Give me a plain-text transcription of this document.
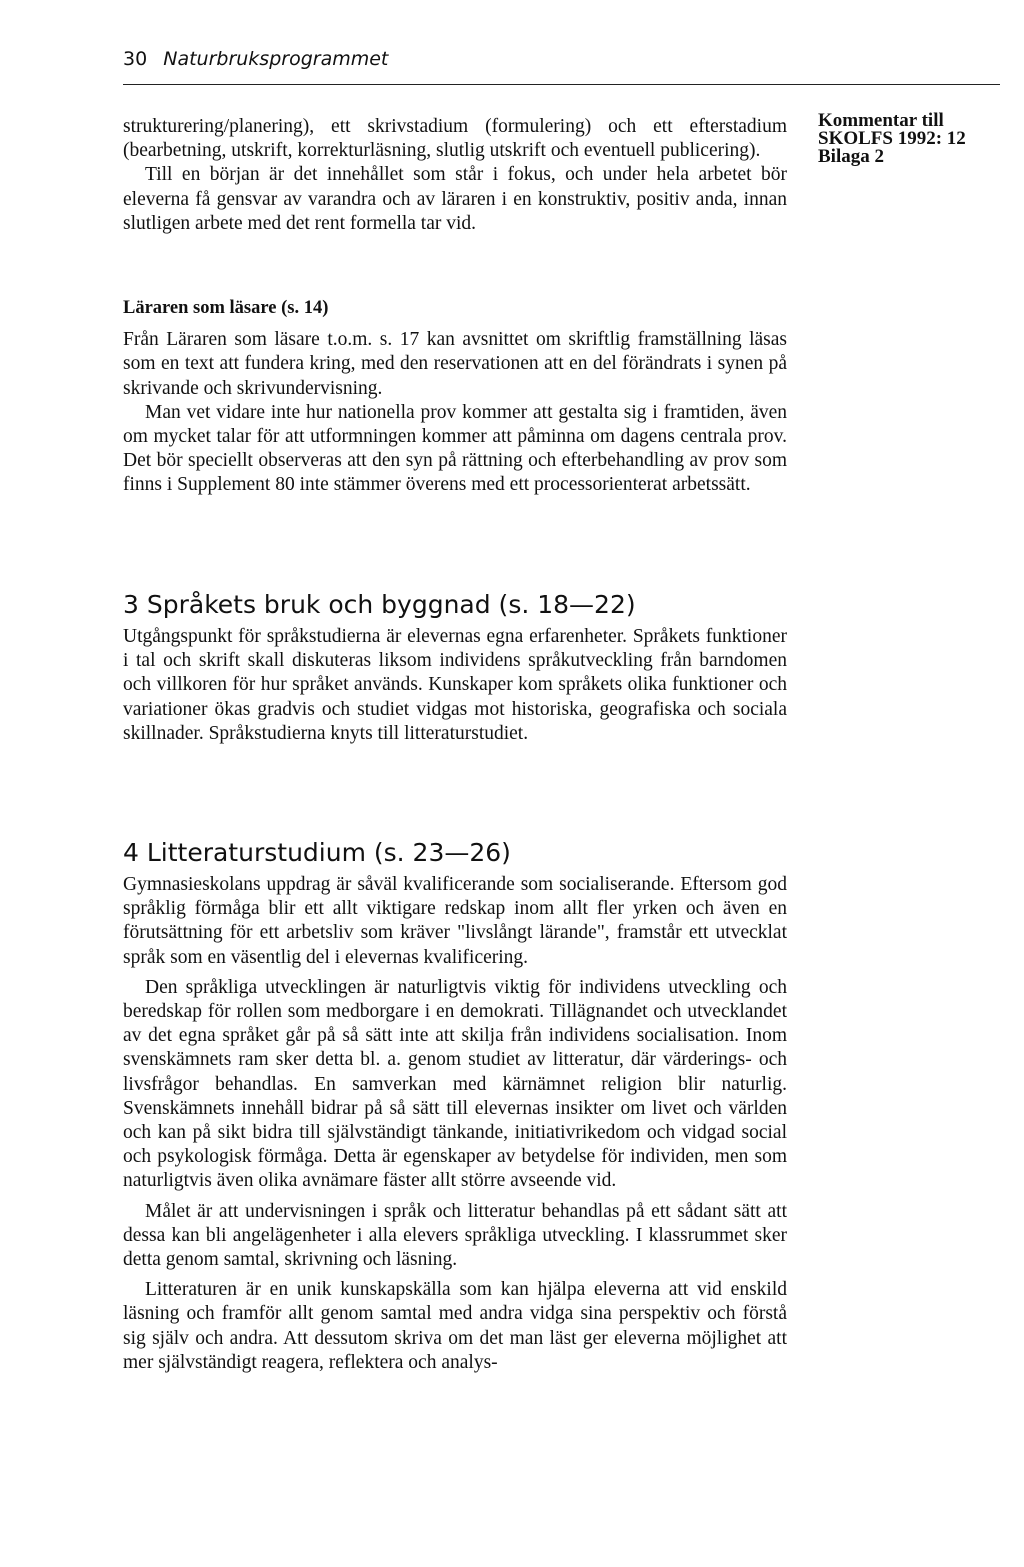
30 Naturbruksprogrammet
Kommentar till
SKOLFS 1992: 12
Bilaga 2

strukturering/planering), ett skrivstadium (formulering) och ett efterstadium (bearbetning, utskrift, korrekturläsning, slutlig utskrift och eventuell publicering).

Till en början är det innehållet som står i fokus, och under hela arbetet bör eleverna få gensvar av varandra och av läraren i en konstruktiv, positiv anda, innan slutligen arbete med det rent formella tar vid.

Läraren som läsare (s. 14)

Från Läraren som läsare t.o.m. s. 17 kan avsnittet om skriftlig framställning läsas som en text att fundera kring, med den reservationen att en del förändrats i synen på skrivande och skrivundervisning.

Man vet vidare inte hur nationella prov kommer att gestalta sig i framtiden, även om mycket talar för att utformningen kommer att påminna om dagens centrala prov. Det bör speciellt observeras att den syn på rättning och efterbehandling av prov som finns i Supplement 80 inte stämmer överens med ett processorienterat arbetssätt.

3 Språkets bruk och byggnad (s. 18—22)

Utgångspunkt för språkstudierna är elevernas egna erfarenheter. Språkets funktioner i tal och skrift skall diskuteras liksom individens språkutveckling från barndomen och villkoren för hur språket används. Kunskaper kom språkets olika funktioner och variationer ökas gradvis och studiet vidgas mot historiska, geografiska och sociala skillnader. Språkstudierna knyts till litteraturstudiet.

4 Litteraturstudium (s. 23—26)

Gymnasieskolans uppdrag är såväl kvalificerande som socialiserande. Eftersom god språklig förmåga blir ett allt viktigare redskap inom allt fler yrken och även en förutsättning för ett arbetsliv som kräver "livslångt lärande", framstår ett utvecklat språk som en väsentlig del i elevernas kvalificering.

Den språkliga utvecklingen är naturligtvis viktig för individens utveckling och beredskap för rollen som medborgare i en demokrati. Tillägnandet och utvecklandet av det egna språket går på så sätt inte att skilja från individens socialisation. Inom svenskämnets ram sker detta bl. a. genom studiet av litteratur, där värderings- och livsfrågor behandlas. En samverkan med kärnämnet religion blir naturlig. Svenskämnets innehåll bidrar på så sätt till elevernas insikter om livet och världen och kan på sikt bidra till självständigt tänkande, initiativrikedom och vidgad social och psykologisk förmåga. Detta är egenskaper av betydelse för individen, men som naturligtvis även olika avnämare fäster allt större avseende vid.

Målet är att undervisningen i språk och litteratur behandlas på ett sådant sätt att dessa kan bli angelägenheter i alla elevers språkliga utveckling. I klassrummet sker detta genom samtal, skrivning och läsning.

Litteraturen är en unik kunskapskälla som kan hjälpa eleverna att vid enskild läsning och framför allt genom samtal med andra vidga sina perspektiv och förstå sig själv och andra. Att dessutom skriva om det man läst ger eleverna möjlighet att mer självständigt reagera, reflektera och analys-
